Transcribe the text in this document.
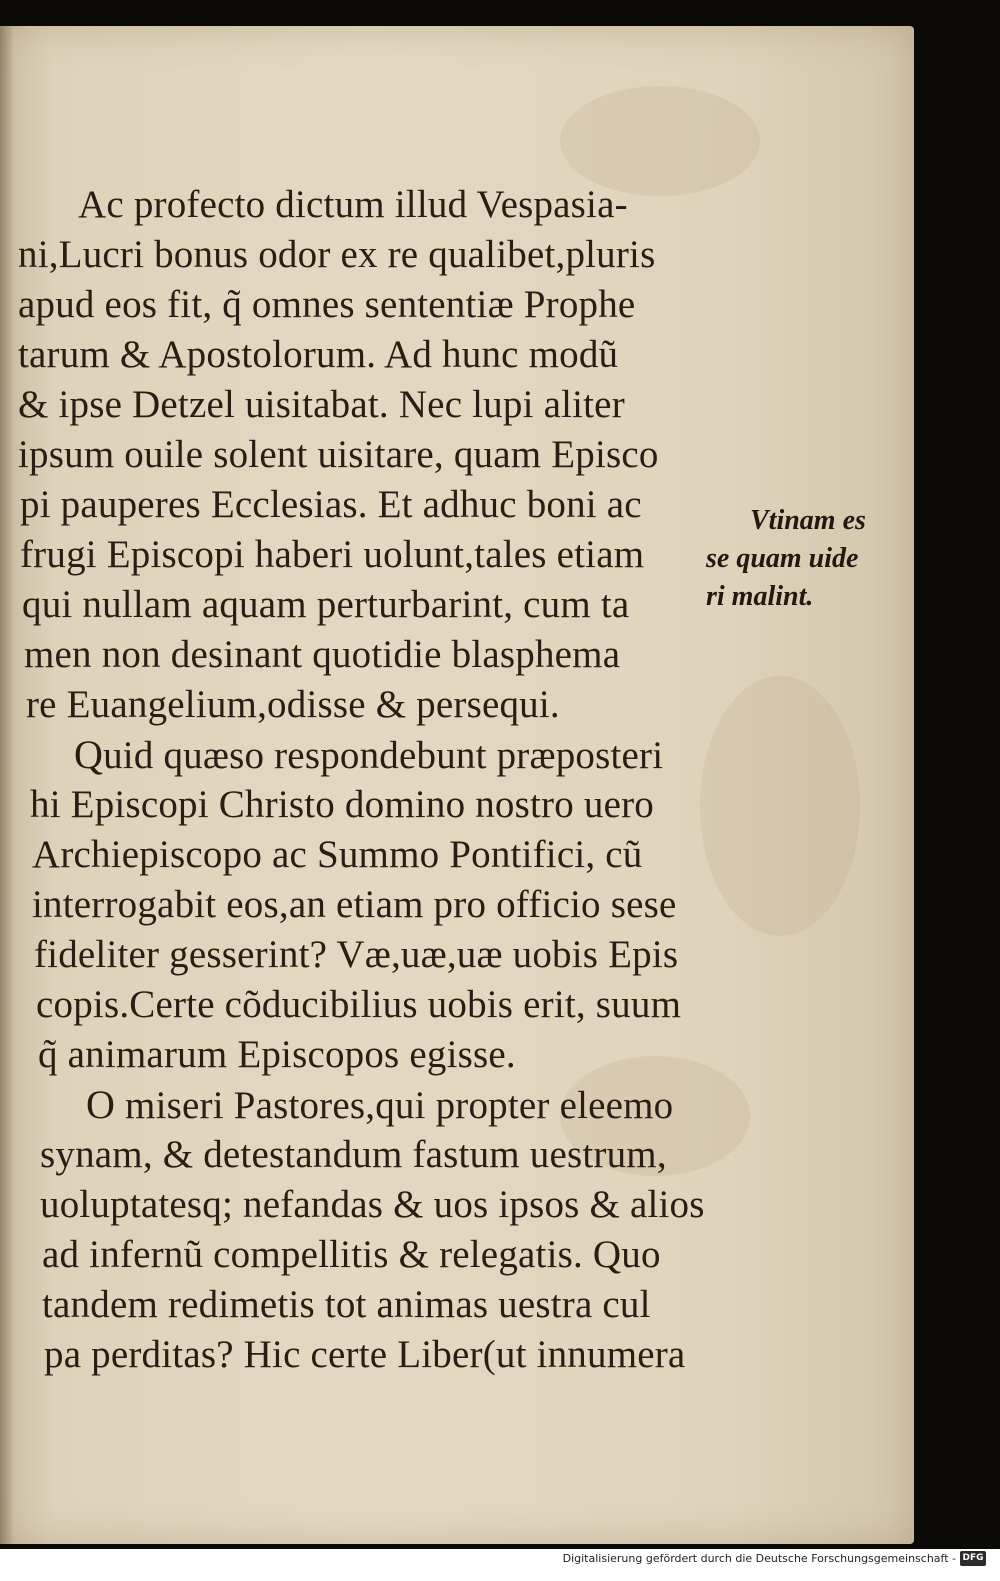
Ac profecto dictum illud Vespasia-

ni,Lucri bonus odor ex re qualibet,pluris

apud eos fit, q̃ omnes sententiæ Prophe

tarum & Apostolorum. Ad hunc modũ

& ipse Detzel uisitabat. Nec lupi aliter

ipsum ouile solent uisitare, quam Episco

pi pauperes Ecclesias. Et adhuc boni ac

frugi Episcopi haberi uolunt,tales etiam

qui nullam aquam perturbarint, cum ta

men non desinant quotidie blasphema

re Euangelium,odisse & persequi.

Quid quæso respondebunt præposteri

hi Episcopi Christo domino nostro uero

Archiepiscopo ac Summo Pontifici, cũ

interrogabit eos,an etiam pro officio sese

fideliter gesserint? Væ,uæ,uæ uobis Epis

copis.Certe cõducibilius uobis erit, suum

q̃ animarum Episcopos egisse.

O miseri Pastores,qui propter eleemo

synam, & detestandum fastum uestrum,

uoluptatesq; nefandas & uos ipsos & alios

ad infernũ compellitis & relegatis. Quo

tandem redimetis tot animas uestra cul

pa perditas? Hic certe Liber(ut innumera

Vtinam es

se quam uide

ri malint.

Digitalisierung gefördert durch die Deutsche Forschungsgemeinschaft - DFG
